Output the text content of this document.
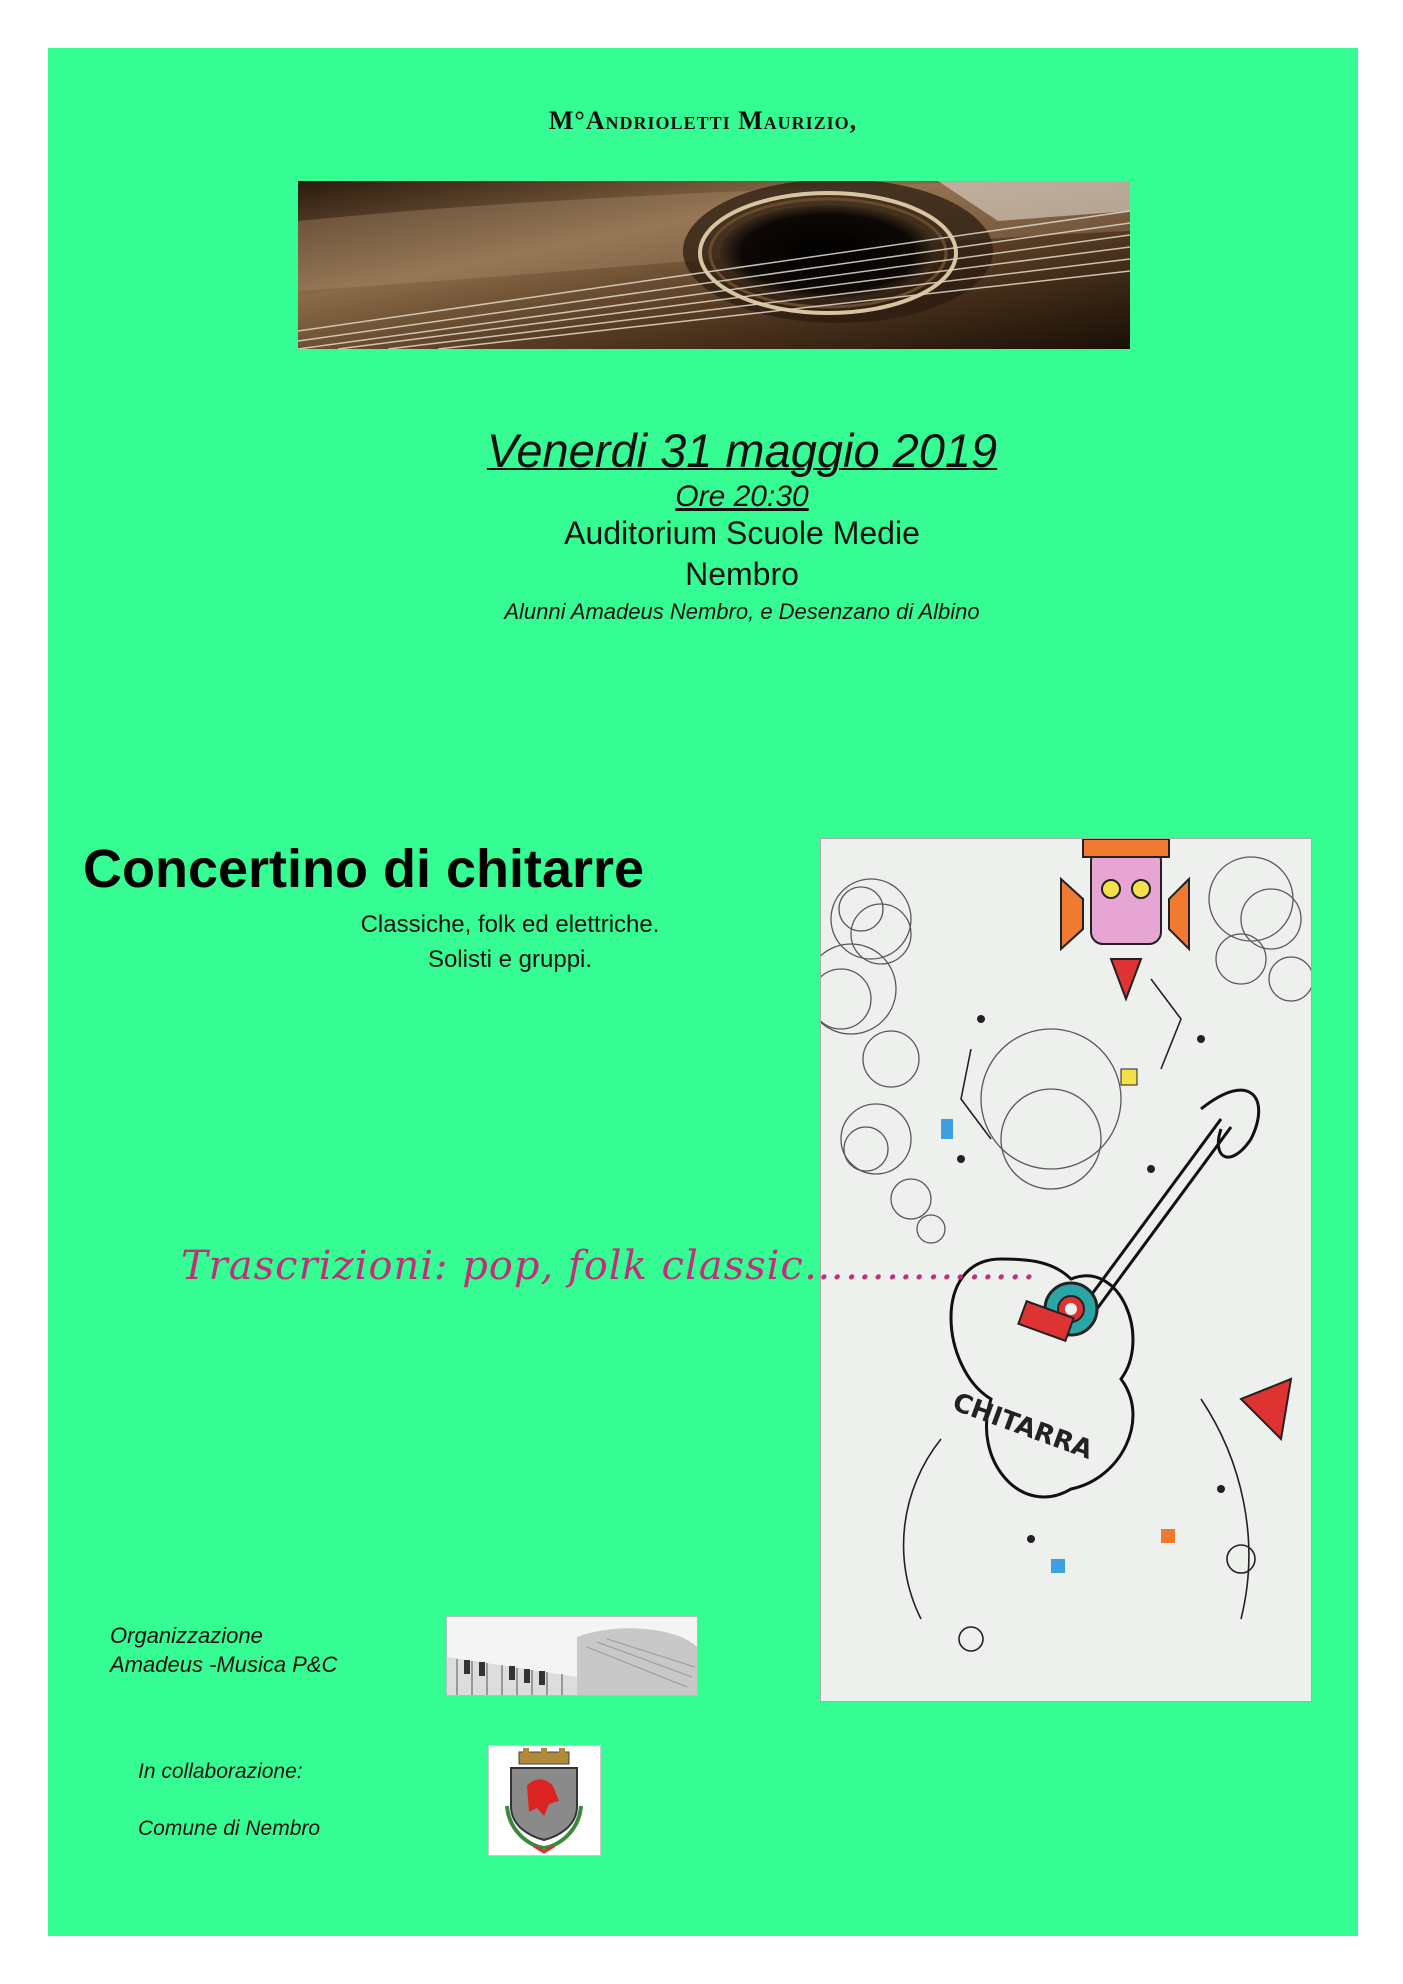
M°Andrioletti Maurizio,
Venerdi 31 maggio 2019
Ore 20:30
Auditorium Scuole Medie
Nembro
Alunni Amadeus Nembro, e Desenzano di Albino
Concertino di chitarre
Classiche, folk ed elettriche.
Solisti e gruppi.
CHITARRA
Trascrizioni: pop, folk classic……………..
Organizzazione
Amadeus -Musica P&C
In collaborazione:
Comune di Nembro
